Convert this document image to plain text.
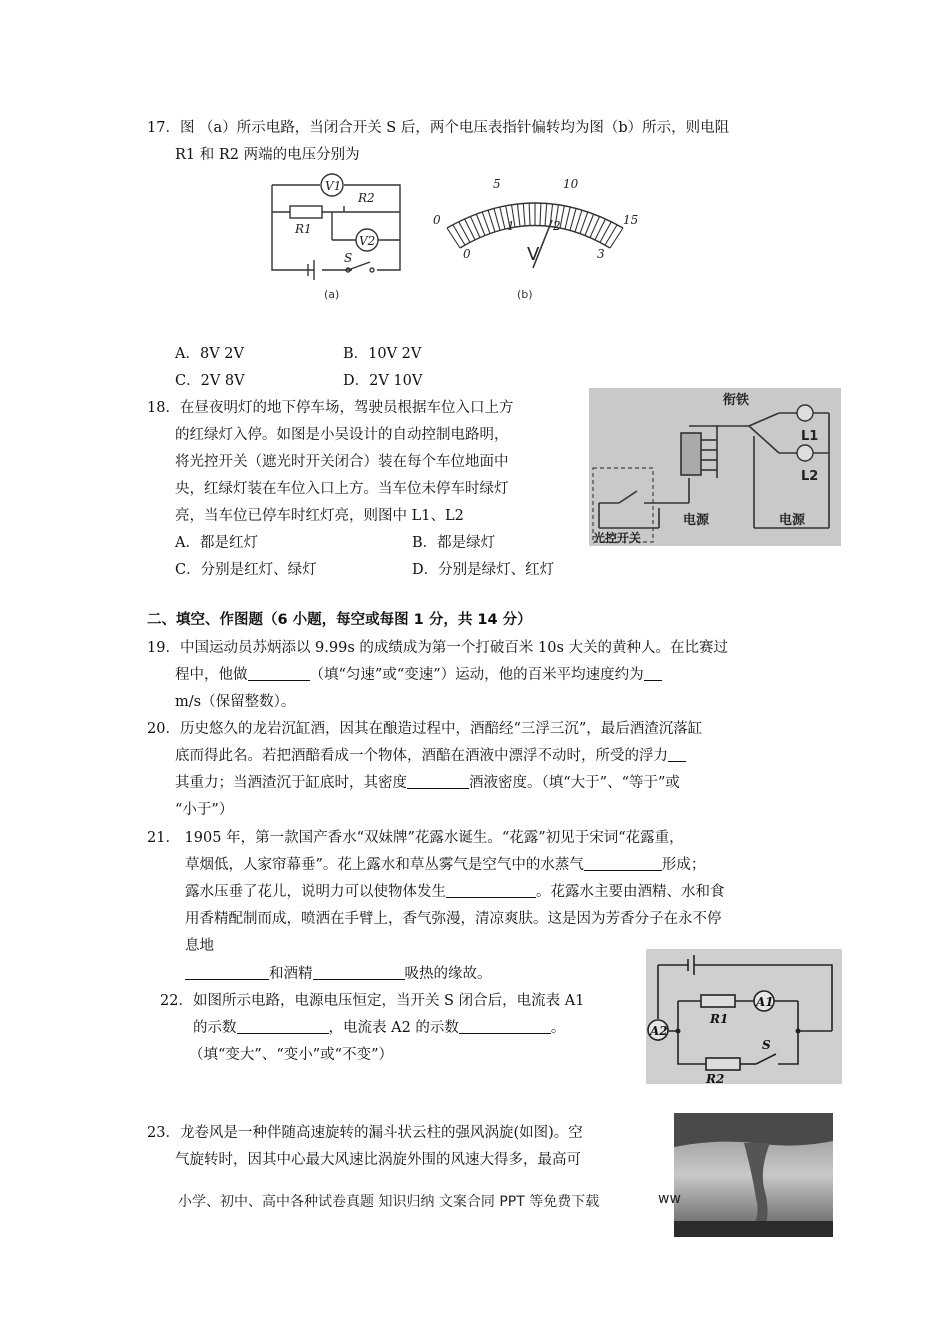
17．图 （a）所示电路，当闭合开关 S 后，两个电压表指针偏转均为图（b）所示，则电阻
R1 和 R2 两端的电压分别为
V1
V2
R1
R2
S
(a)
0
5	10
15
0
1	2
3
V
(b)
A．8V 2V	B．10V 2V
C．2V 8V	D．2V 10V
18．在昼夜明灯的地下停车场，驾驶员根据车位入口上方
的红绿灯入停。如图是小吴设计的自动控制电路明，
将光控开关（遮光时开关闭合）装在每个车位地面中
央，红绿灯装在车位入口上方。当车位未停车时绿灯
亮，当车位已停车时红灯亮，则图中 L1、L2
A．都是红灯	B．都是绿灯
C．分别是红灯、绿灯	D．分别是绿灯、红灯
衔铁
L1
L2
电源	电源
光控开关
二、填空、作图题（6 小题，每空或每图 1 分，共 14 分）
19．中国运动员苏炳添以 9.99s 的成绩成为第一个打破百米 10s 大关的黄种人。在比赛过
程中，他做	（填“匀速”或“变速”）运动，他的百米平均速度约为
m/s（保留整数）。
20．历史悠久的龙岩沉缸酒，因其在酿造过程中，酒醅经“三浮三沉”，最后酒渣沉落缸
底而得此名。若把酒醅看成一个物体，酒醅在酒液中漂浮不动时，所受的浮力
其重力；当酒渣沉于缸底时，其密度	酒液密度。（填“大于”、“等于”或
“小于”）
21． 1905 年，第一款国产香水“双妹牌”花露水诞生。“花露”初见于宋词“花露重，
草烟低，人家帘幕垂”。花上露水和草丛雾气是空气中的水蒸气	形成；
露水压垂了花儿，说明力可以使物体发生	。花露水主要由酒精、水和食
用香精配制而成，喷洒在手臂上，香气弥漫，清凉爽肤。这是因为芳香分子在永不停
息地
和酒精	吸热的缘故。
22．如图所示电路，电源电压恒定，当开关 S 闭合后，电流表 A1
的示数	，电流表 A2 的示数	。
（填“变大”、“变小”或“不变”）
A2
A1
R1
R2
S
23．龙卷风是一种伴随高速旋转的漏斗状云柱的强风涡旋(如图)。空
气旋转时，因其中心最大风速比涡旋外围的风速大得多，最高可
小学、初中、高中各种试卷真题 知识归纳 文案合同 PPT 等免费下载	ww
